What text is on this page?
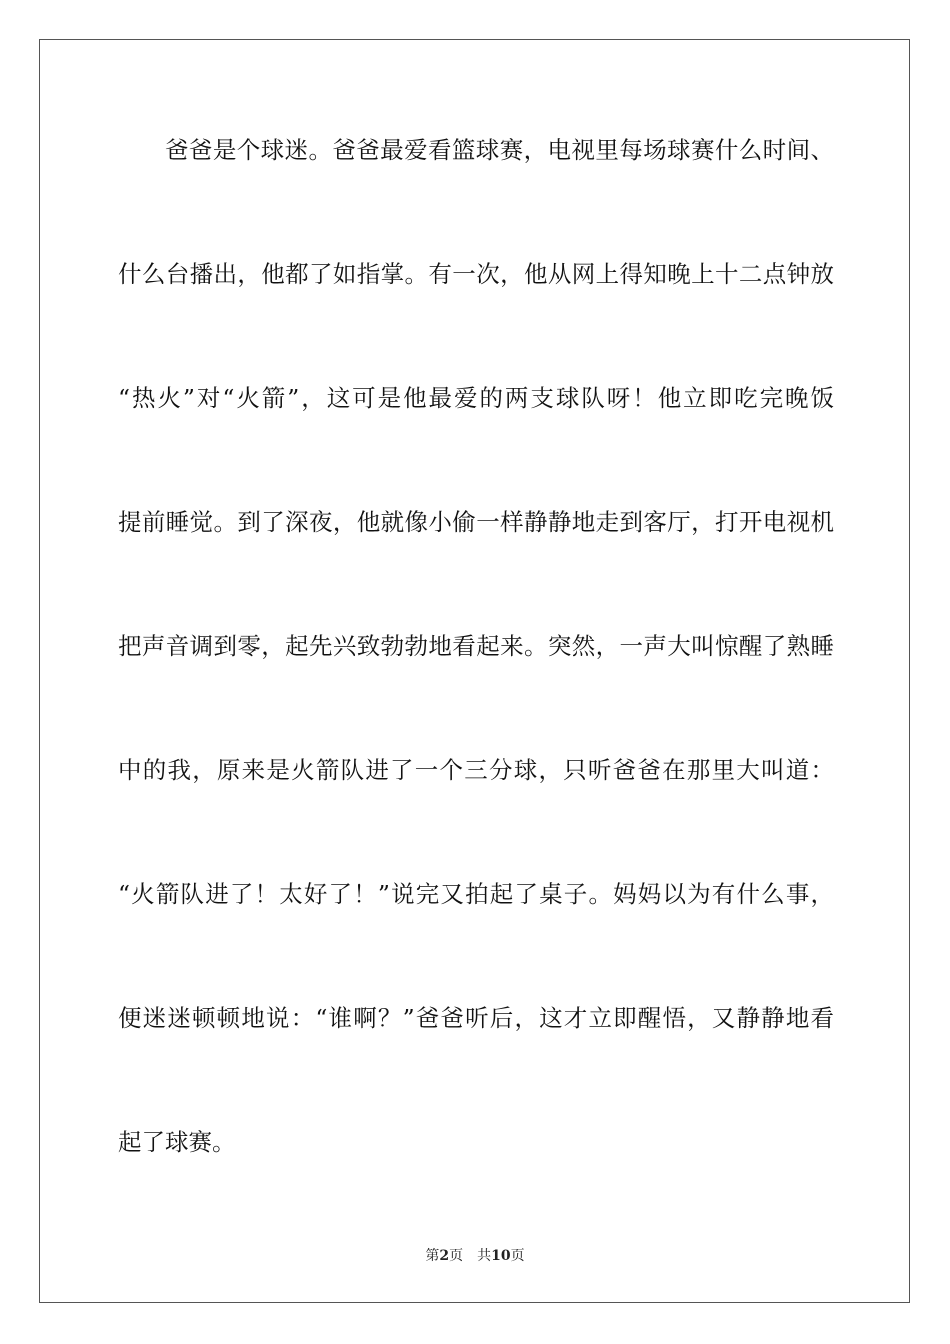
爸爸是个球迷。爸爸最爱看篮球赛，电视里每场球赛什么时间、
什么台播出，他都了如指掌。有一次，他从网上得知晚上十二点钟放
“热火”对“火箭”，这可是他最爱的两支球队呀！他立即吃完晚饭
提前睡觉。到了深夜，他就像小偷一样静静地走到客厅，打开电视机
把声音调到零，起先兴致勃勃地看起来。突然，一声大叫惊醒了熟睡
中的我，原来是火箭队进了一个三分球，只听爸爸在那里大叫道：
“火箭队进了！太好了！”说完又拍起了桌子。妈妈以为有什么事，
便迷迷顿顿地说：“谁啊？”爸爸听后，这才立即醒悟，又静静地看
起了球赛。
第2页 共10页
